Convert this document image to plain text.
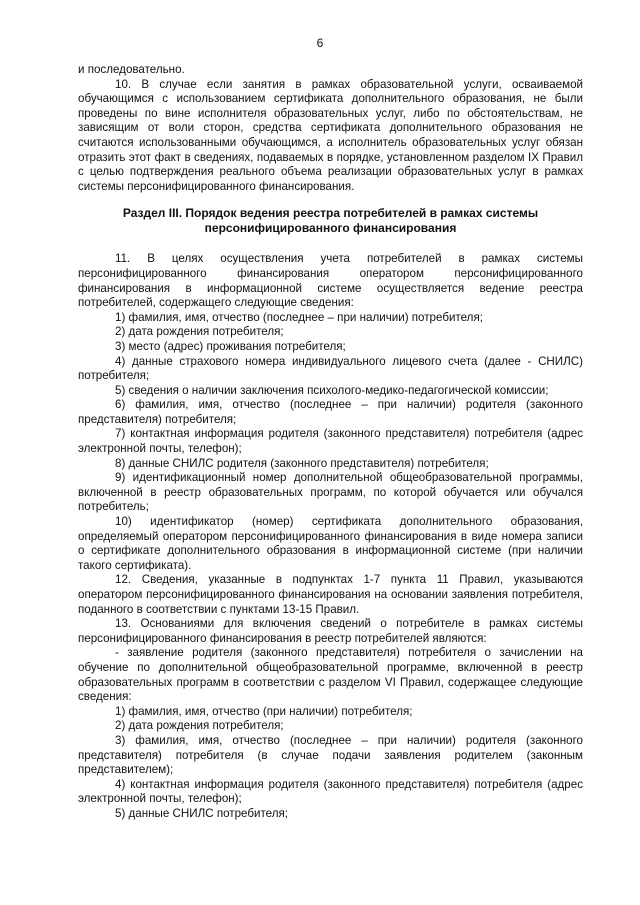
6

и последовательно.

10. В случае если занятия в рамках образовательной услуги, осваиваемой обучающимся с использованием сертификата дополнительного образования, не были проведены по вине исполнителя образовательных услуг, либо по обстоятельствам, не зависящим от воли сторон, средства сертификата дополнительного образования не считаются использованными обучающимся, а исполнитель образовательных услуг обязан отразить этот факт в сведениях, подаваемых в порядке, установленном разделом IX Правил с целью подтверждения реального объема реализации образовательных услуг в рамках системы персонифицированного финансирования.

Раздел III. Порядок ведения реестра потребителей в рамках системы
персонифицированного финансирования

11. В целях осуществления учета потребителей в рамках системы персонифицированного финансирования оператором персонифицированного финансирования в информационной системе осуществляется ведение реестра потребителей, содержащего следующие сведения:

1) фамилия, имя, отчество (последнее – при наличии) потребителя;

2) дата рождения потребителя;

3) место (адрес) проживания потребителя;

4) данные страхового номера индивидуального лицевого счета (далее - СНИЛС) потребителя;

5) сведения о наличии заключения психолого-медико-педагогической комиссии;

6) фамилия, имя, отчество (последнее – при наличии) родителя (законного представителя) потребителя;

7) контактная информация родителя (законного представителя) потребителя (адрес электронной почты, телефон);

8) данные СНИЛС родителя (законного представителя) потребителя;

9) идентификационный номер дополнительной общеобразовательной программы, включенной в реестр образовательных программ, по которой обучается или обучался потребитель;

10) идентификатор (номер) сертификата дополнительного образования, определяемый оператором персонифицированного финансирования в виде номера записи о сертификате дополнительного образования в информационной системе (при наличии такого сертификата).

12. Сведения, указанные в подпунктах 1-7 пункта 11 Правил, указываются оператором персонифицированного финансирования на основании заявления потребителя, поданного в соответствии с пунктами 13-15 Правил.

13. Основаниями для включения сведений о потребителе в рамках системы персонифицированного финансирования в реестр потребителей являются:

- заявление родителя (законного представителя) потребителя о зачислении на обучение по дополнительной общеобразовательной программе, включенной в реестр образовательных программ в соответствии с разделом VI Правил, содержащее следующие сведения:

1) фамилия, имя, отчество (при наличии) потребителя;

2) дата рождения потребителя;

3) фамилия, имя, отчество (последнее – при наличии) родителя (законного представителя) потребителя (в случае подачи заявления родителем (законным представителем);

4) контактная информация родителя (законного представителя) потребителя (адрес электронной почты, телефон);

5) данные СНИЛС потребителя;
